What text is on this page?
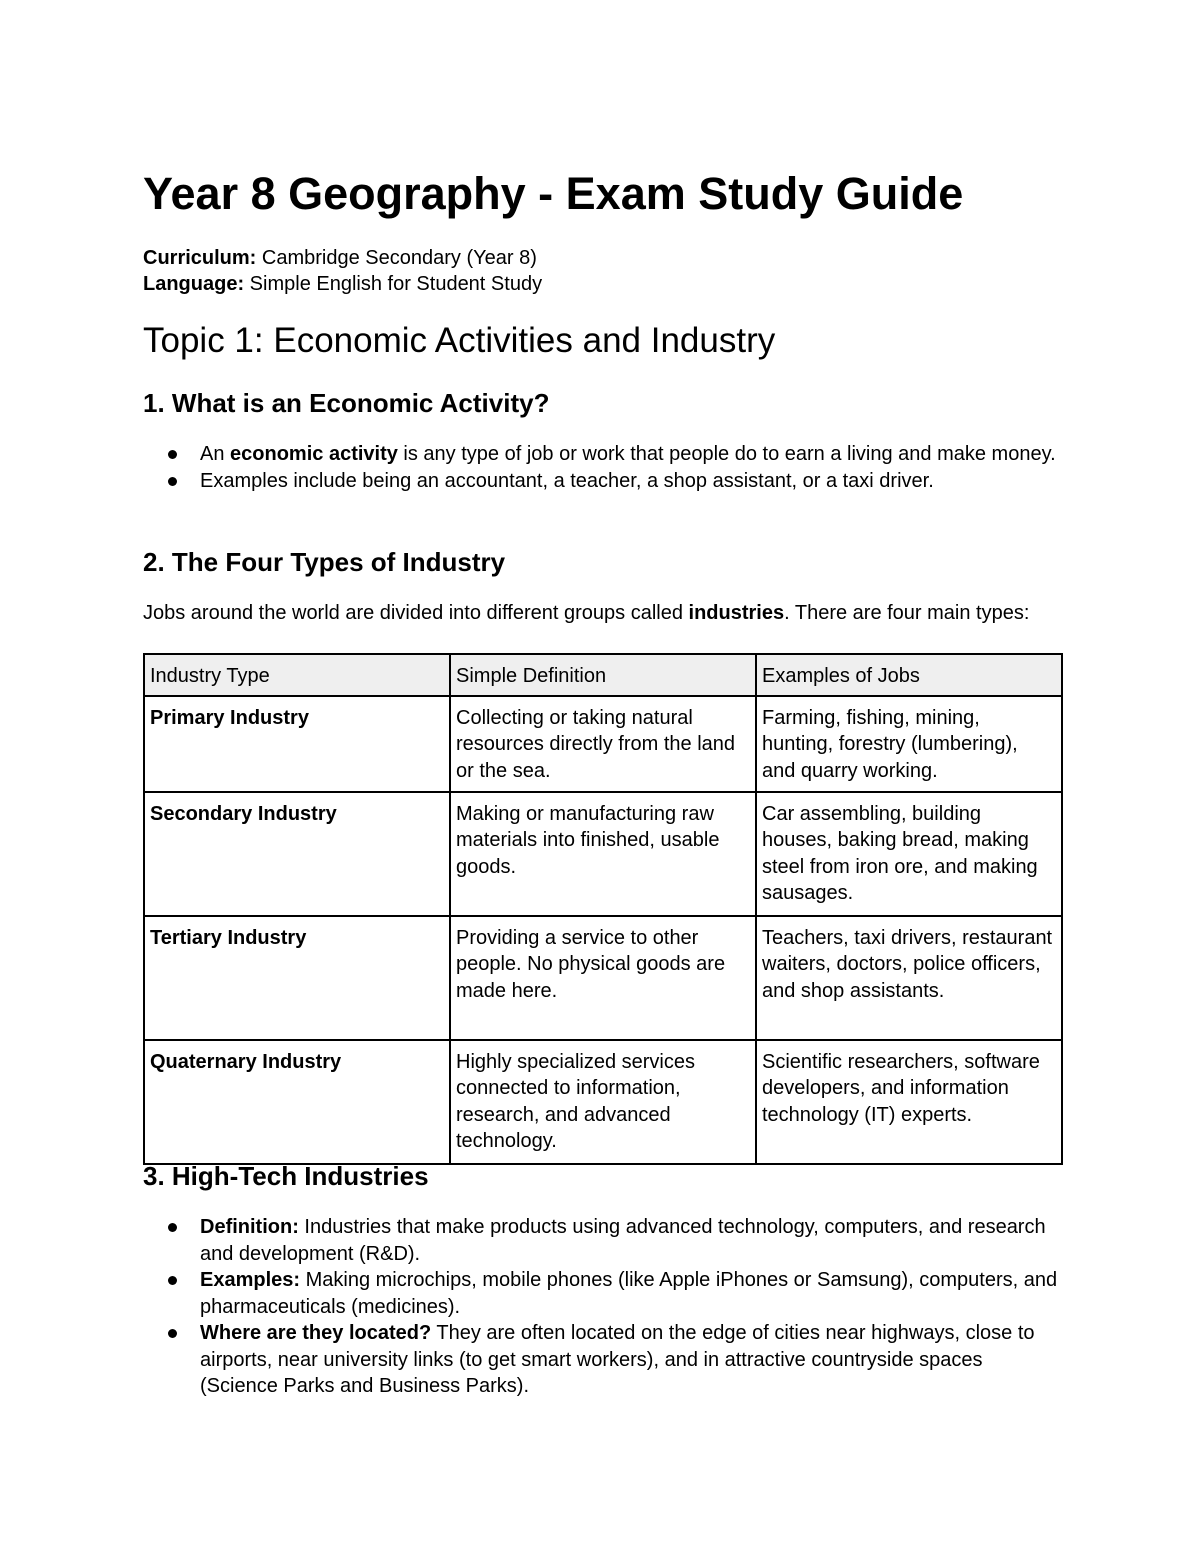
Year 8 Geography - Exam Study Guide
Curriculum: Cambridge Secondary (Year 8)
Language: Simple English for Student Study
Topic 1: Economic Activities and Industry
1. What is an Economic Activity?
An economic activity is any type of job or work that people do to earn a living and make money.
Examples include being an accountant, a teacher, a shop assistant, or a taxi driver.
2. The Four Types of Industry

Jobs around the world are divided into different groups called industries. There are four main types:

Industry Type	Simple Definition	Examples of Jobs
Primary Industry	Collecting or taking natural resources directly from the land or the sea.	Farming, fishing, mining, hunting, forestry (lumbering), and quarry working.
Secondary Industry	Making or manufacturing raw materials into finished, usable goods.	Car assembling, building houses, baking bread, making steel from iron ore, and making sausages.
Tertiary Industry	Providing a service to other people. No physical goods are made here.	Teachers, taxi drivers, restaurant waiters, doctors, police officers, and shop assistants.
Quaternary Industry	Highly specialized services connected to information, research, and advanced technology.	Scientific researchers, software developers, and information technology (IT) experts.
3. High-Tech Industries
Definition: Industries that make products using advanced technology, computers, and research and development (R&D).
Examples: Making microchips, mobile phones (like Apple iPhones or Samsung), computers, and pharmaceuticals (medicines).
Where are they located? They are often located on the edge of cities near highways, close to airports, near university links (to get smart workers), and in attractive countryside spaces (Science Parks and Business Parks).
